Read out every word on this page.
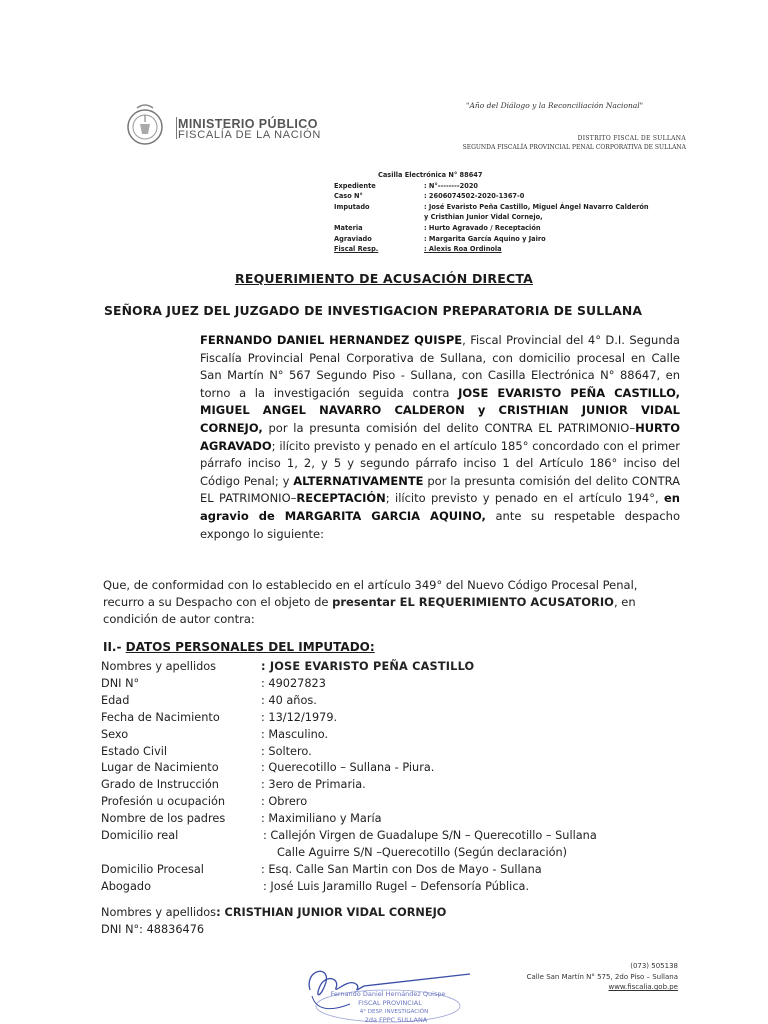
MINISTERIO PÚBLICO
FISCALÍA DE LA NACIÓN
"Año del Diálogo y la Reconciliación Nacional"
DISTRITO FISCAL DE SULLANA
SEGUNDA FISCALÍA PROVINCIAL PENAL CORPORATIVA DE SULLANA
Casilla Electrónica N° 88647
Expediente	: N°--------2020
Caso N°	: 2606074502-2020-1367-0
Imputado	: José Evaristo Peña Castillo, Miguel Ángel Navarro Calderón
y Cristhian Junior Vidal Cornejo,
Materia	: Hurto Agravado / Receptación
Agraviado	: Margarita García Aquino y Jairo
Fiscal Resp.	: Alexis Roa Ordinola
REQUERIMIENTO DE ACUSACIÓN DIRECTA
SEÑORA JUEZ DEL JUZGADO DE INVESTIGACION PREPARATORIA DE SULLANA
FERNANDO DANIEL HERNANDEZ QUISPE, Fiscal Provincial del 4° D.I. Segunda Fiscalía Provincial Penal Corporativa de Sullana, con domicilio procesal en Calle San Martín N° 567 Segundo Piso - Sullana, con Casilla Electrónica N° 88647, en torno a la investigación seguida contra JOSE EVARISTO PEÑA CASTILLO, MIGUEL ANGEL NAVARRO CALDERON y CRISTHIAN JUNIOR VIDAL CORNEJO, por la presunta comisión del delito CONTRA EL PATRIMONIO–HURTO AGRAVADO; ilícito previsto y penado en el artículo 185° concordado con el primer párrafo inciso 1, 2, y 5 y segundo párrafo inciso 1 del Artículo 186° inciso del Código Penal; y ALTERNATIVAMENTE por la presunta comisión del delito CONTRA EL PATRIMONIO–RECEPTACIÓN; ilícito previsto y penado en el artículo 194°, en agravio de MARGARITA GARCIA AQUINO, ante su respetable despacho expongo lo siguiente:
Que, de conformidad con lo establecido en el artículo 349° del Nuevo Código Procesal Penal, recurro a su Despacho con el objeto de presentar EL REQUERIMIENTO ACUSATORIO, en condición de autor contra:
II.- DATOS PERSONALES DEL IMPUTADO:
Nombres y apellidos	: JOSE EVARISTO PEÑA CASTILLO
DNI N°	: 49027823
Edad	: 40 años.
Fecha de Nacimiento	: 13/12/1979.
Sexo	: Masculino.
Estado Civil	: Soltero.
Lugar de Nacimiento	: Querecotillo – Sullana - Piura.
Grado de Instrucción	: 3ero de Primaria.
Profesión u ocupación	: Obrero
Nombre de los padres	: Maximiliano y María
Domicilio real	: Callejón Virgen de Guadalupe S/N – Querecotillo – Sullana
Calle Aguirre S/N –Querecotillo (Según declaración)
Domicilio Procesal	: Esq. Calle San Martin con Dos de Mayo - Sullana
Abogado	: José Luis Jaramillo Rugel – Defensoría Pública.
Nombres y apellidos: CRISTHIAN JUNIOR VIDAL CORNEJO
DNI N°: 48836476
Fernando Daniel Hernández Quispe
FISCAL PROVINCIAL
4° DESP. INVESTIGACIÓN
2da FPPC SULLANA
(073) 505138
Calle San Martín N° 575, 2do Piso – Sullana
www.fiscalia.gob.pe
